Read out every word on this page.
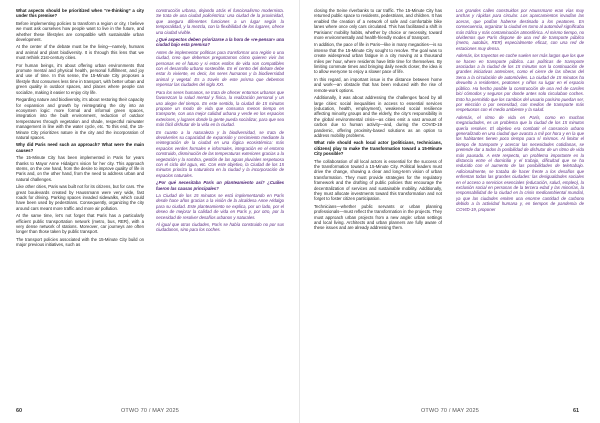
What aspects should be prioritized when “re-thinking” a city under this premise?

Before implementing policies to transform a region or city, I believe we must ask ourselves how people want to live in the future, and whether these lifestyles are compatible with sustainable urban development.

At the center of the debate must be the living—namely, humans and animal and plant biodiversity. It is through this lens that we must rethink 21st-century cities.

For human beings, it’s about offering urban environments that promote mental and physical health, personal fulfillment, and joy and use of time. In this sense, the 15-Minute City proposes a lifestyle that consumes less time in transport, with better urban and green quality in outdoor spaces, and places where people can socialize, making it easier to enjoy city life.

Regarding nature and biodiversity, it’s about restoring their capacity for expansion and growth by reintegrating the city into an ecosystem logic: more formal and informal green spaces, integration into the built environment, reduction of outdoor temperatures through vegetation and shade, respectful rainwater management in line with the water cycle, etc. To this end, the 15-Minute City prioritizes nature in the city and the incorporation of natural spaces.

Why did Paris need such an approach? What were the main causes?

The 15-Minute City has been implemented in Paris for years thanks to Mayor Anne Hidalgo’s vision for her city. This approach stems, on the one hand, from the desire to improve quality of life in Paris and, on the other hand, from the need to address urban and natural challenges.

Like other cities, Paris was built not for its citizens, but for cars. The great boulevards created by Haussmann were very wide, fast roads for driving. Parking spaces invaded sidewalks, which could have been used by pedestrians. Consequently, organizing the city around cars meant more traffic and more air pollution.

At the same time, let’s not forget that Paris has a particularly efficient public transportation network (metro, bus, RER), with a very dense network of stations. Moreover, car journeys are often longer than those taken by public transport.

The transport policies associated with the 15-Minute City build on major previous initiatives, such as

construcción urbana, dejando atrás el funcionalismo modernista. Se trata de una ciudad policéntrica: una ciudad de la proximidad, que asegura diferentes funciones a un lugar según la temporalidad, y la mezcla, con la flexibilidad de los lugares, ofrece una ciudad vivible.

¿Qué aspectos deben priorizarse a la hora de «re-pensar» una ciudad bajo esta premisa?

Antes de implementar políticas para transformar una región o una ciudad, creo que debemos preguntarnos cómo quieren vivir las personas en el futuro y si estos estilos de vida son compatibles con el desarrollo urbano sostenible. En el centro del debate debe estar lo viviente, es decir, los seres humanos y la biodiversidad animal y vegetal. Es a través de este prisma que debemos repensar las ciudades del siglo XXI.

Para los seres humanos, se trata de ofrecer entornos urbanos que favorezcan la salud mental y física, la realización personal y un uso alegre del tiempo. En este sentido, la ciudad de 15 minutos propone un modo de vida que consuma menos tiempo en transporte, con una mejor calidad urbana y verde en los espacios exteriores, y lugares donde la gente pueda socializar, para que sea más fácil disfrutar de la vida en la ciudad.

En cuanto a la naturaleza y la biodiversidad, se trata de devolverles su capacidad de expansión y crecimiento mediante la reintegración de la ciudad en una lógica ecosistémica: más espacios verdes formales e informales, integración en el entorno construido, disminución de las temperaturas exteriores gracias a la vegetación y la sombra, gestión de las aguas pluviales respetuosa con el ciclo del agua, etc. Con este objetivo, la Ciudad de los 15 minutos prioriza la naturaleza en la ciudad y la incorporación de espacios naturales.

¿Por qué necesitaba París un planteamiento así? ¿Cuáles fueron las causas principales?

La Ciudad de los 15 minutos se está implementando en París desde hace años gracias a la visión de la alcaldesa Anne Hidalgo para su ciudad. Este planteamiento se explica, por un lado, por el deseo de mejorar la calidad de vida en París y, por otro, por la necesidad de resolver desafíos urbanos y naturales.

Al igual que otras ciudades, París se había construido no por sus ciudadanos, sino para los coches.

60	OTWO 70 / MAY 2025

closing the Seine riverbanks to car traffic. The 15-Minute City has returned public space to residents, pedestrians, and children. It has enabled the creation of a network of safe and comfortable bike lanes where once only cars circulated. This has facilitated a shift in Parisians’ mobility habits, whether by choice or necessity, toward more environmentally and health-friendly modes of transport.

In addition, the pace of life in Paris—like in many megacities—is so intense that the 15-Minute City sought to resolve. The goal was to create widespread urban fatigue in a city moving at a thousand miles per hour, where residents have little time for themselves. By limiting commute times and bringing daily needs closer, the idea is to allow everyone to enjoy a slower pace of life.

In this regard, an important issue is the distance between home and work—an obstacle that has been reduced with the rise of remote-work options.

Additionally, it was about addressing the challenges faced by all large cities: social inequalities in access to essential services (education, health, employment), weakened social resilience affecting minority groups and the elderly, the city’s responsibility in the global environmental crisis—as cities emit a vast amount of carbon due to human activity—and, during the COVID-19 pandemic, offering proximity-based solutions as an option to address mobility problems.

What role should each local actor (politicians, technicians, citizens) play to make the transformation toward a 15-Minute City possible?

The collaboration of all local actors is essential for the success of the transformation toward a 15-Minute City. Political leaders must drive the change, showing a clear and long-term vision of urban transformation. They must provide strategies for the regulatory framework and the drafting of public policies that encourage the decentralization of services and sustainable mobility. Additionally, they must allocate investments toward this transformation and not forget to foster citizen participation.

Technicians—whether public servants or urban planning professionals—must reflect the transformation in the projects. They must approach urban projects from a new angle: urban settings and local living. Architects and urban planners are fully aware of these issues and are already addressing them.

Los grandes calles construidos por Haussmann eran vías muy anchas y rápidas para circular. Los aparcamientos invadían las aceras, que podían haberse destinado a los peatones. En consecuencia, organizar la ciudad en torno al automóvil significaba más tráfico y más contaminación atmosférica. Al mismo tiempo, no olvidemos que París dispone de una red de transporte público (metro, autobús, RER) especialmente eficaz, con una red de estaciones muy densa.

Además, los trayectos en coche suelen ser más largos que los que se hacen en transporte público. Las políticas de transporte asociadas a la ciudad de los 15 minutos son la continuación de grandes iniciativas anteriores, como el cierre de las riberas del Sena a la circulación de automóviles. La ciudad de 15 minutos ha devuelto a residentes, peatones y niños su lugar en el espacio público. Ha hecho posible la construcción de una red de carriles bici cómodos y seguros por donde antes solo circulaban coches. Esto ha permitido que los cambios del usuario parisino puedan ser, por elección o por necesidad, con medios de transporte más respetuosos con el medio ambiente y la salud.

Además, el ritmo de vida en París, como en muchas megaciudades, es un problema que la ciudad de los 15 minutos quería resolver. El objetivo era combatir el cansancio urbano generalizado en una ciudad que avanza a mil por hora y en la que los habitantes tienen poco tiempo para sí mismos. Al limitar el tiempo de transporte y acercar las necesidades cotidianas, se pretende dar a todos la posibilidad de disfrutar de un ritmo de vida más pausado. A este respecto, un problema importante es la distancia entre el domicilio y el trabajo, dificultad que se ha reducido con el aumento de las posibilidades de teletrabajo. Adicionalmente, se trataba de hacer frente a los desafíos que enfrentan todas las grandes ciudades: las desigualdades sociales en el acceso a servicios esenciales (educación, salud, empleo), la exclusión social en personas de la tercera edad y las minorías, la responsabilidad de la ciudad en la crisis medioambiental mundial, ya que las ciudades emiten una enorme cantidad de carbono debido a la actividad humana y, en tiempos de pandemia de COVID-19, proponer

OTWO 70 / MAY 2025	61
